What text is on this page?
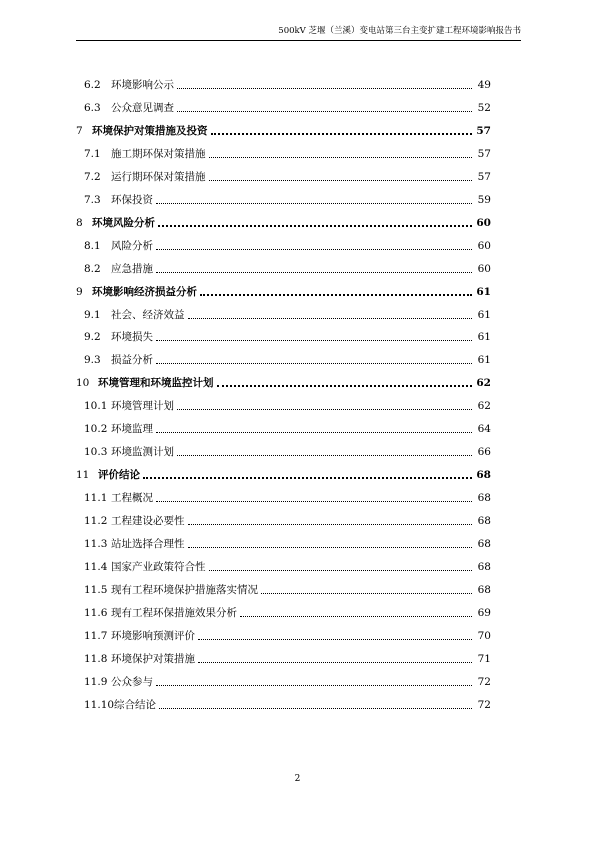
500kV 芝堰（兰溪）变电站第三台主变扩建工程环境影响报告书
6.2 环境影响公示	49
6.3 公众意见调查	52
7 环境保护对策措施及投资	57
7.1 施工期环保对策措施	57
7.2 运行期环保对策措施	57
7.3 环保投资	59
8 环境风险分析	60
8.1 风险分析	60
8.2 应急措施	60
9 环境影响经济损益分析	61
9.1 社会、经济效益	61
9.2 环境损失	61
9.3 损益分析	61
10 环境管理和环境监控计划	62
10.1 环境管理计划	62
10.2 环境监理	64
10.3 环境监测计划	66
11 评价结论	68
11.1 工程概况	68
11.2 工程建设必要性	68
11.3 站址选择合理性	68
11.4 国家产业政策符合性	68
11.5 现有工程环境保护措施落实情况	68
11.6 现有工程环保措施效果分析	69
11.7 环境影响预测评价	70
11.8 环境保护对策措施	71
11.9 公众参与	72
11.10 综合结论	72
2
